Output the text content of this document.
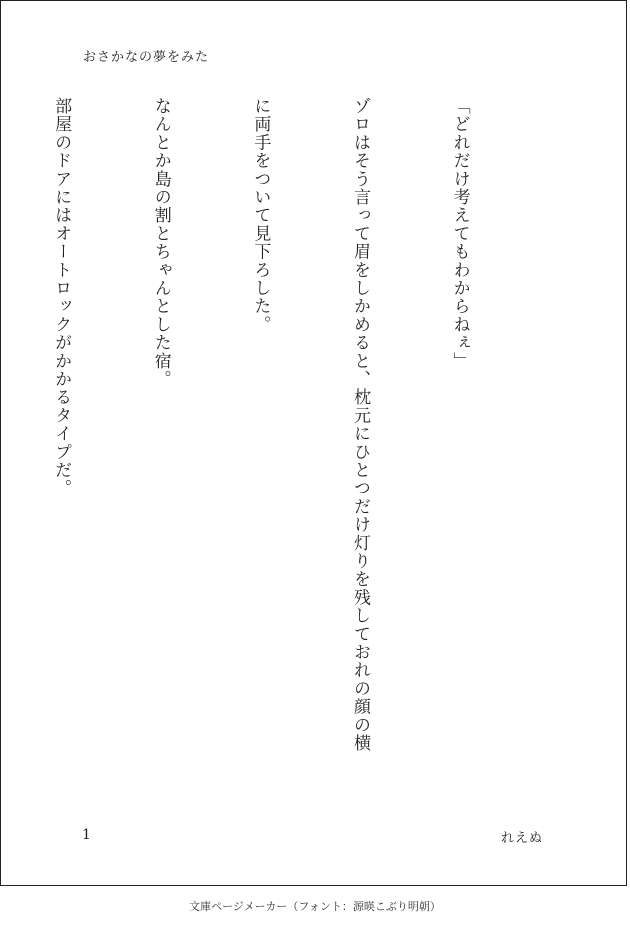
おさかなの夢をみた

「どれだけ考えてもわからねぇ」

ゾロはそう言って眉をしかめると、枕元にひとつだけ灯りを残しておれの顔の横

に両手をついて見下ろした。

なんとか島の割とちゃんとした宿。

部屋のドアにはオートロックがかかるタイプだ。

1	れえぬ
文庫ページメーカー（フォント：源暎こぶり明朝）
